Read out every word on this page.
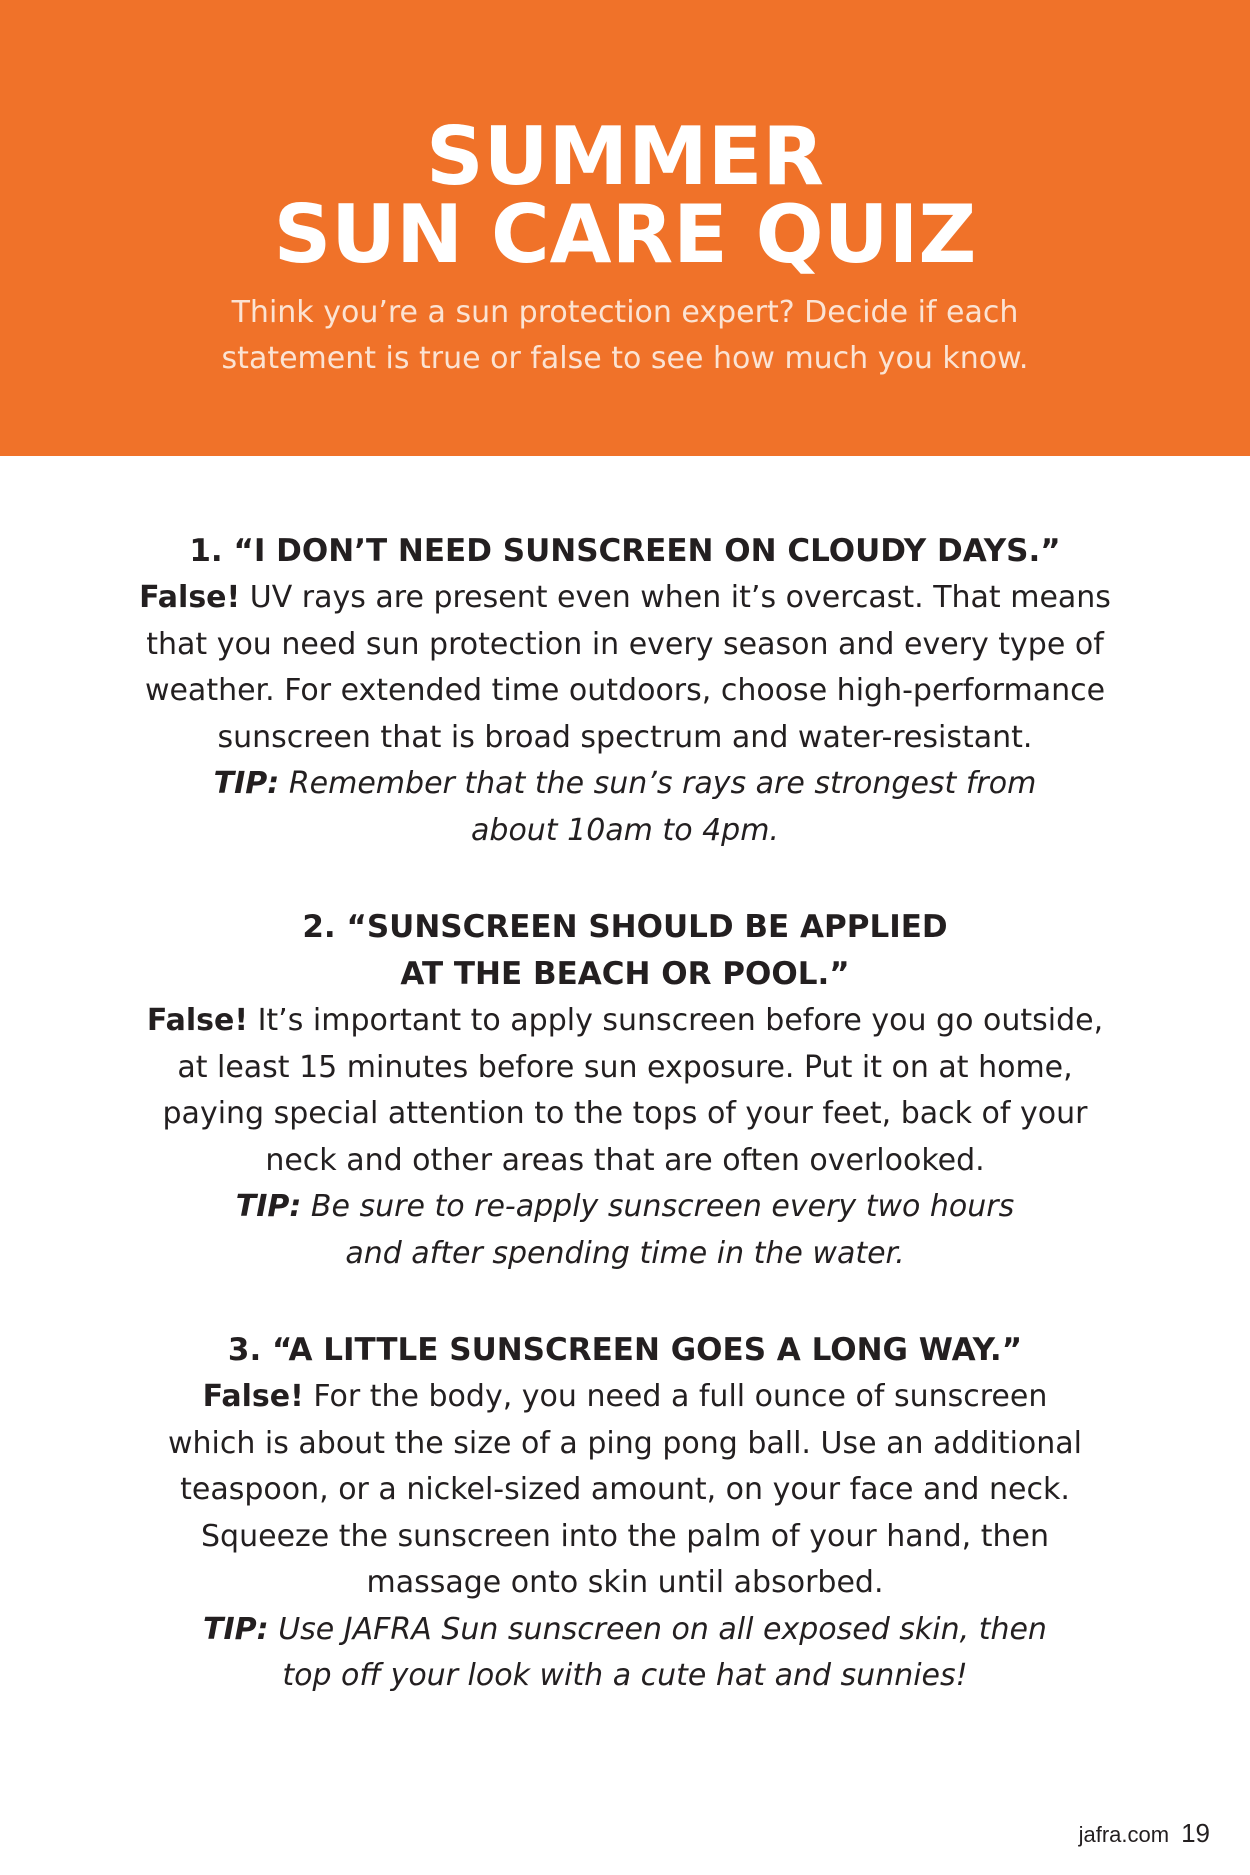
SUMMER
SUN CARE QUIZ

Think you’re a sun protection expert? Decide if each
statement is true or false to see how much you know.

1. “I DON’T NEED SUNSCREEN ON CLOUDY DAYS.”

False! UV rays are present even when it’s overcast. That means
that you need sun protection in every season and every type of
weather. For extended time outdoors, choose high-performance
sunscreen that is broad spectrum and water-resistant.

TIP: Remember that the sun’s rays are strongest from
about 10am to 4pm.

2. “SUNSCREEN SHOULD BE APPLIED
AT THE BEACH OR POOL.”

False! It’s important to apply sunscreen before you go outside,
at least 15 minutes before sun exposure. Put it on at home,
paying special attention to the tops of your feet, back of your
neck and other areas that are often overlooked.

TIP: Be sure to re-apply sunscreen every two hours
and after spending time in the water.

3. “A LITTLE SUNSCREEN GOES A LONG WAY.”

False! For the body, you need a full ounce of sunscreen
which is about the size of a ping pong ball. Use an additional
teaspoon, or a nickel-sized amount, on your face and neck.
Squeeze the sunscreen into the palm of your hand, then
massage onto skin until absorbed.

TIP: Use JAFRA Sun sunscreen on all exposed skin, then
top off your look with a cute hat and sunnies!

jafra.com 19
